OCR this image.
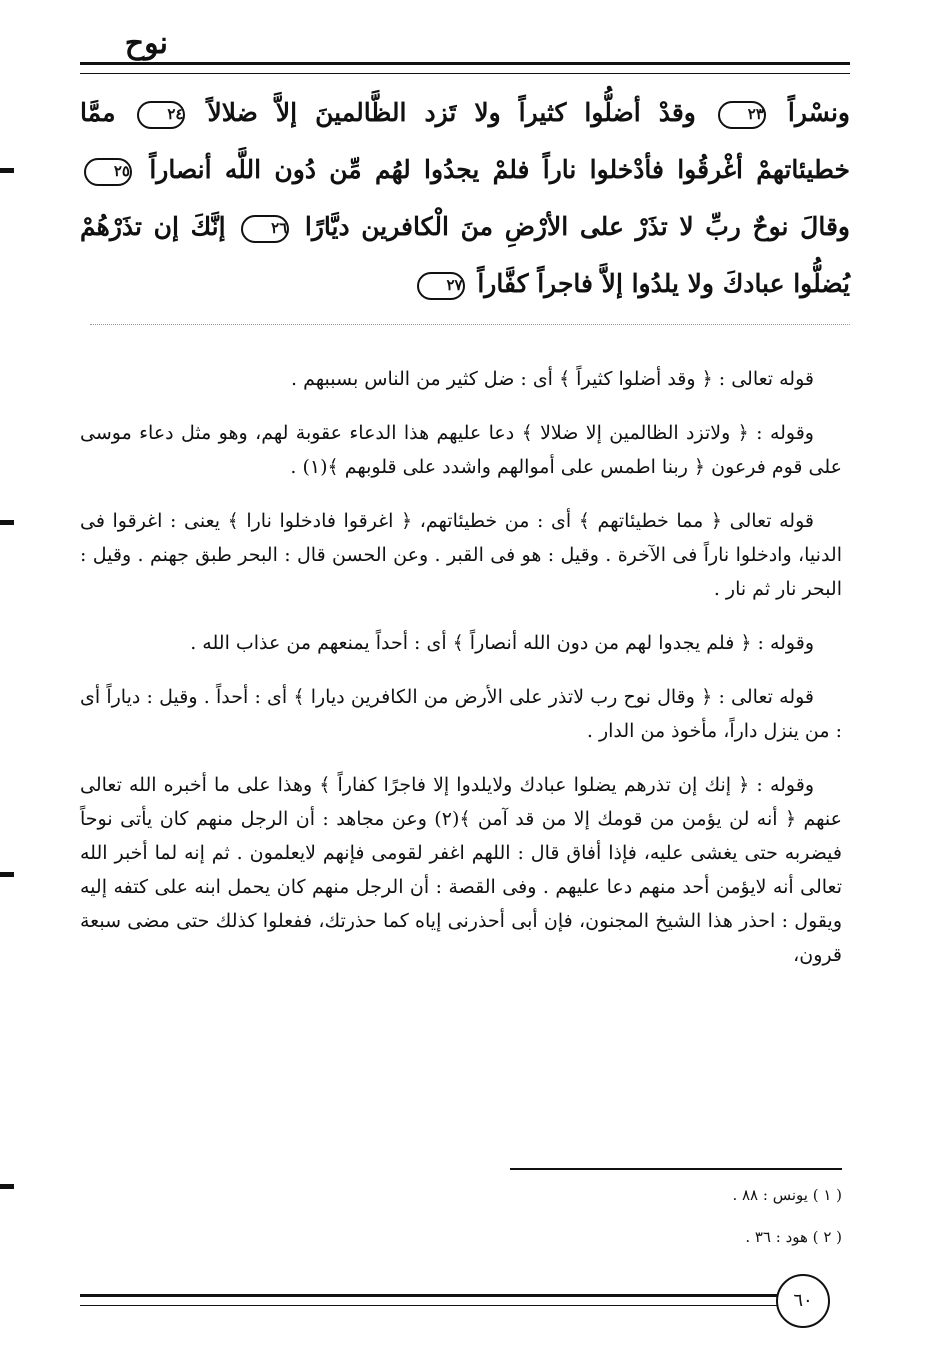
نوح
ونسْراً ٢٣ وقدْ أضلُّوا كثيراً ولا تَزد الظَّالمينَ إلاَّ ضلالاً ٢٤ ممَّا خطيئاتهمْ أغْرقُوا فأدْخلوا ناراً فلمْ يجدُوا لهُم مِّن دُون اللَّه أنصاراً ٢٥ وقالَ نوحٌ ربِّ لا تذَرْ على الأرْضِ منَ الْكافرين ديَّارًا ٢٦ إنَّكَ إن تذَرْهُمْ يُضلُّوا عبادكَ ولا يلدُوا إلاَّ فاجراً كفَّاراً ٢٧

قوله تعالى : ﴿ وقد أضلوا كثيراً ﴾ أى : ضل كثير من الناس بسببهم .

وقوله : ﴿ ولاتزد الظالمين إلا ضلالا ﴾ دعا عليهم هذا الدعاء عقوبة لهم، وهو مثل دعاء موسى على قوم فرعون ﴿ ربنا اطمس على أموالهم واشدد على قلوبهم ﴾(١) .

قوله تعالى ﴿ مما خطيئاتهم ﴾ أى : من خطيئاتهم، ﴿ اغرقوا فادخلوا نارا ﴾ يعنى : اغرقوا فى الدنيا، وادخلوا ناراً فى الآخرة . وقيل : هو فى القبر . وعن الحسن قال : البحر طبق جهنم . وقيل : البحر نار ثم نار .

وقوله : ﴿ فلم يجدوا لهم من دون الله أنصاراً ﴾ أى : أحداً يمنعهم من عذاب الله .

قوله تعالى : ﴿ وقال نوح رب لاتذر على الأرض من الكافرين ديارا ﴾ أى : أحداً . وقيل : دياراً أى : من ينزل داراً، مأخوذ من الدار .

وقوله : ﴿ إنك إن تذرهم يضلوا عبادك ولايلدوا إلا فاجرًا كفاراً ﴾ وهذا على ما أخبره الله تعالى عنهم ﴿ أنه لن يؤمن من قومك إلا من قد آمن ﴾(٢) وعن مجاهد : أن الرجل منهم كان يأتى نوحاً فيضربه حتى يغشى عليه، فإذا أفاق قال : اللهم اغفر لقومى فإنهم لايعلمون . ثم إنه لما أخبر الله تعالى أنه لايؤمن أحد منهم دعا عليهم . وفى القصة : أن الرجل منهم كان يحمل ابنه على كتفه إليه ويقول : احذر هذا الشيخ المجنون، فإن أبى أحذرنى إياه كما حذرتك، ففعلوا كذلك حتى مضى سبعة قرون،

( ١ ) يونس : ٨٨ .
( ٢ ) هود : ٣٦ .
٦٠
